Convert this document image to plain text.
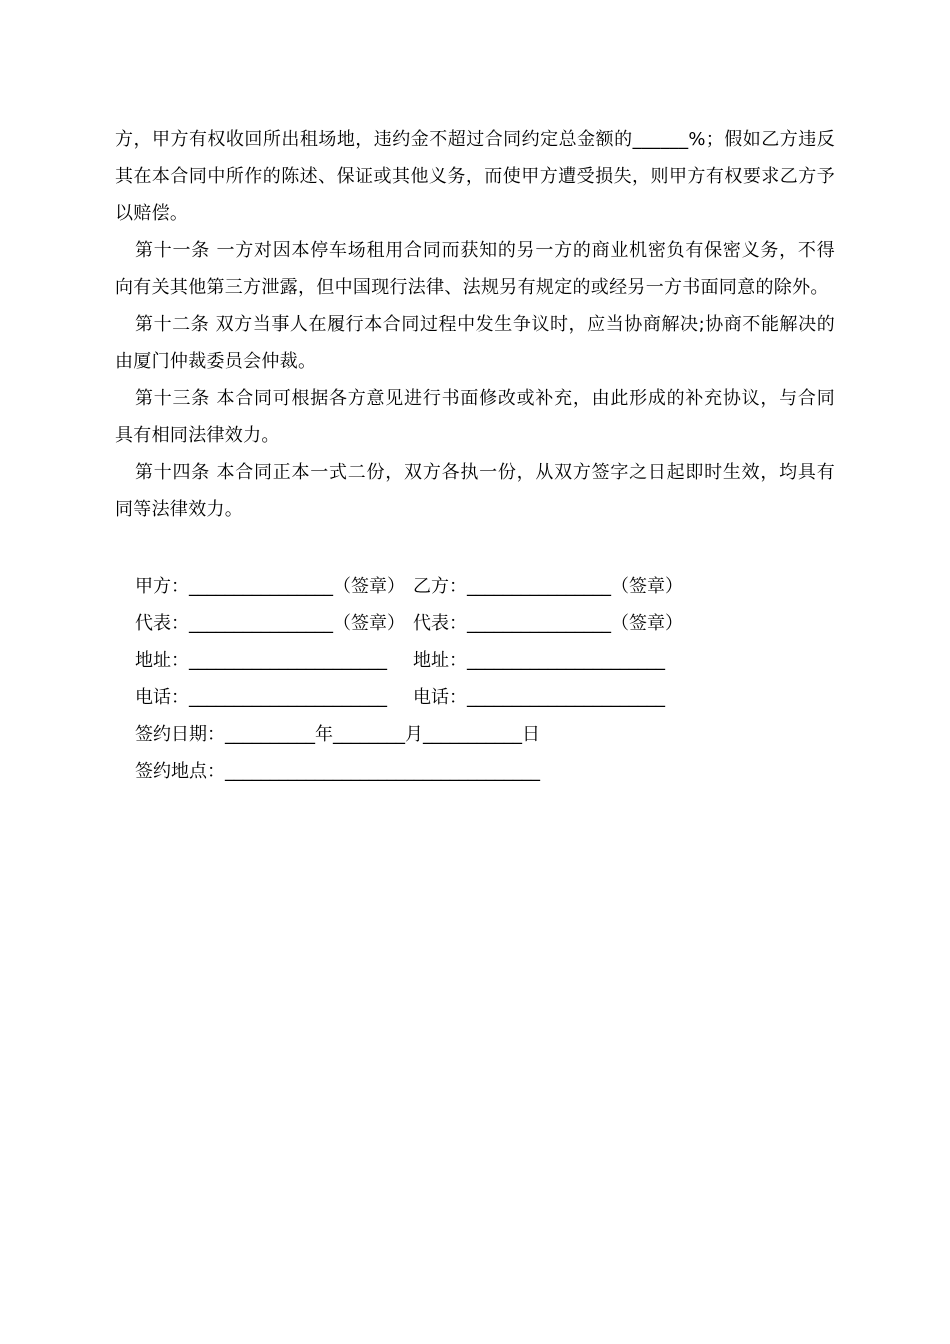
方，甲方有权收回所出租场地，违约金不超过合同约定总金额的______%；假如乙方违反其在本合同中所作的陈述、保证或其他义务，而使甲方遭受损失，则甲方有权要求乙方予以赔偿。

第十一条 一方对因本停车场租用合同而获知的另一方的商业机密负有保密义务，不得向有关其他第三方泄露，但中国现行法律、法规另有规定的或经另一方书面同意的除外。

第十二条 双方当事人在履行本合同过程中发生争议时，应当协商解决;协商不能解决的由厦门仲裁委员会仲裁。

第十三条 本合同可根据各方意见进行书面修改或补充，由此形成的补充协议，与合同具有相同法律效力。

第十四条 本合同正本一式二份，双方各执一份，从双方签字之日起即时生效，均具有同等法律效力。

甲方：________________（签章） 乙方：________________（签章）
代表：________________（签章） 代表：________________（签章）
地址：______________________	地址：______________________
电话：______________________	电话：______________________
签约日期： __________ 年 ________ 月 ___________ 日
签约地点： ___________________________________
